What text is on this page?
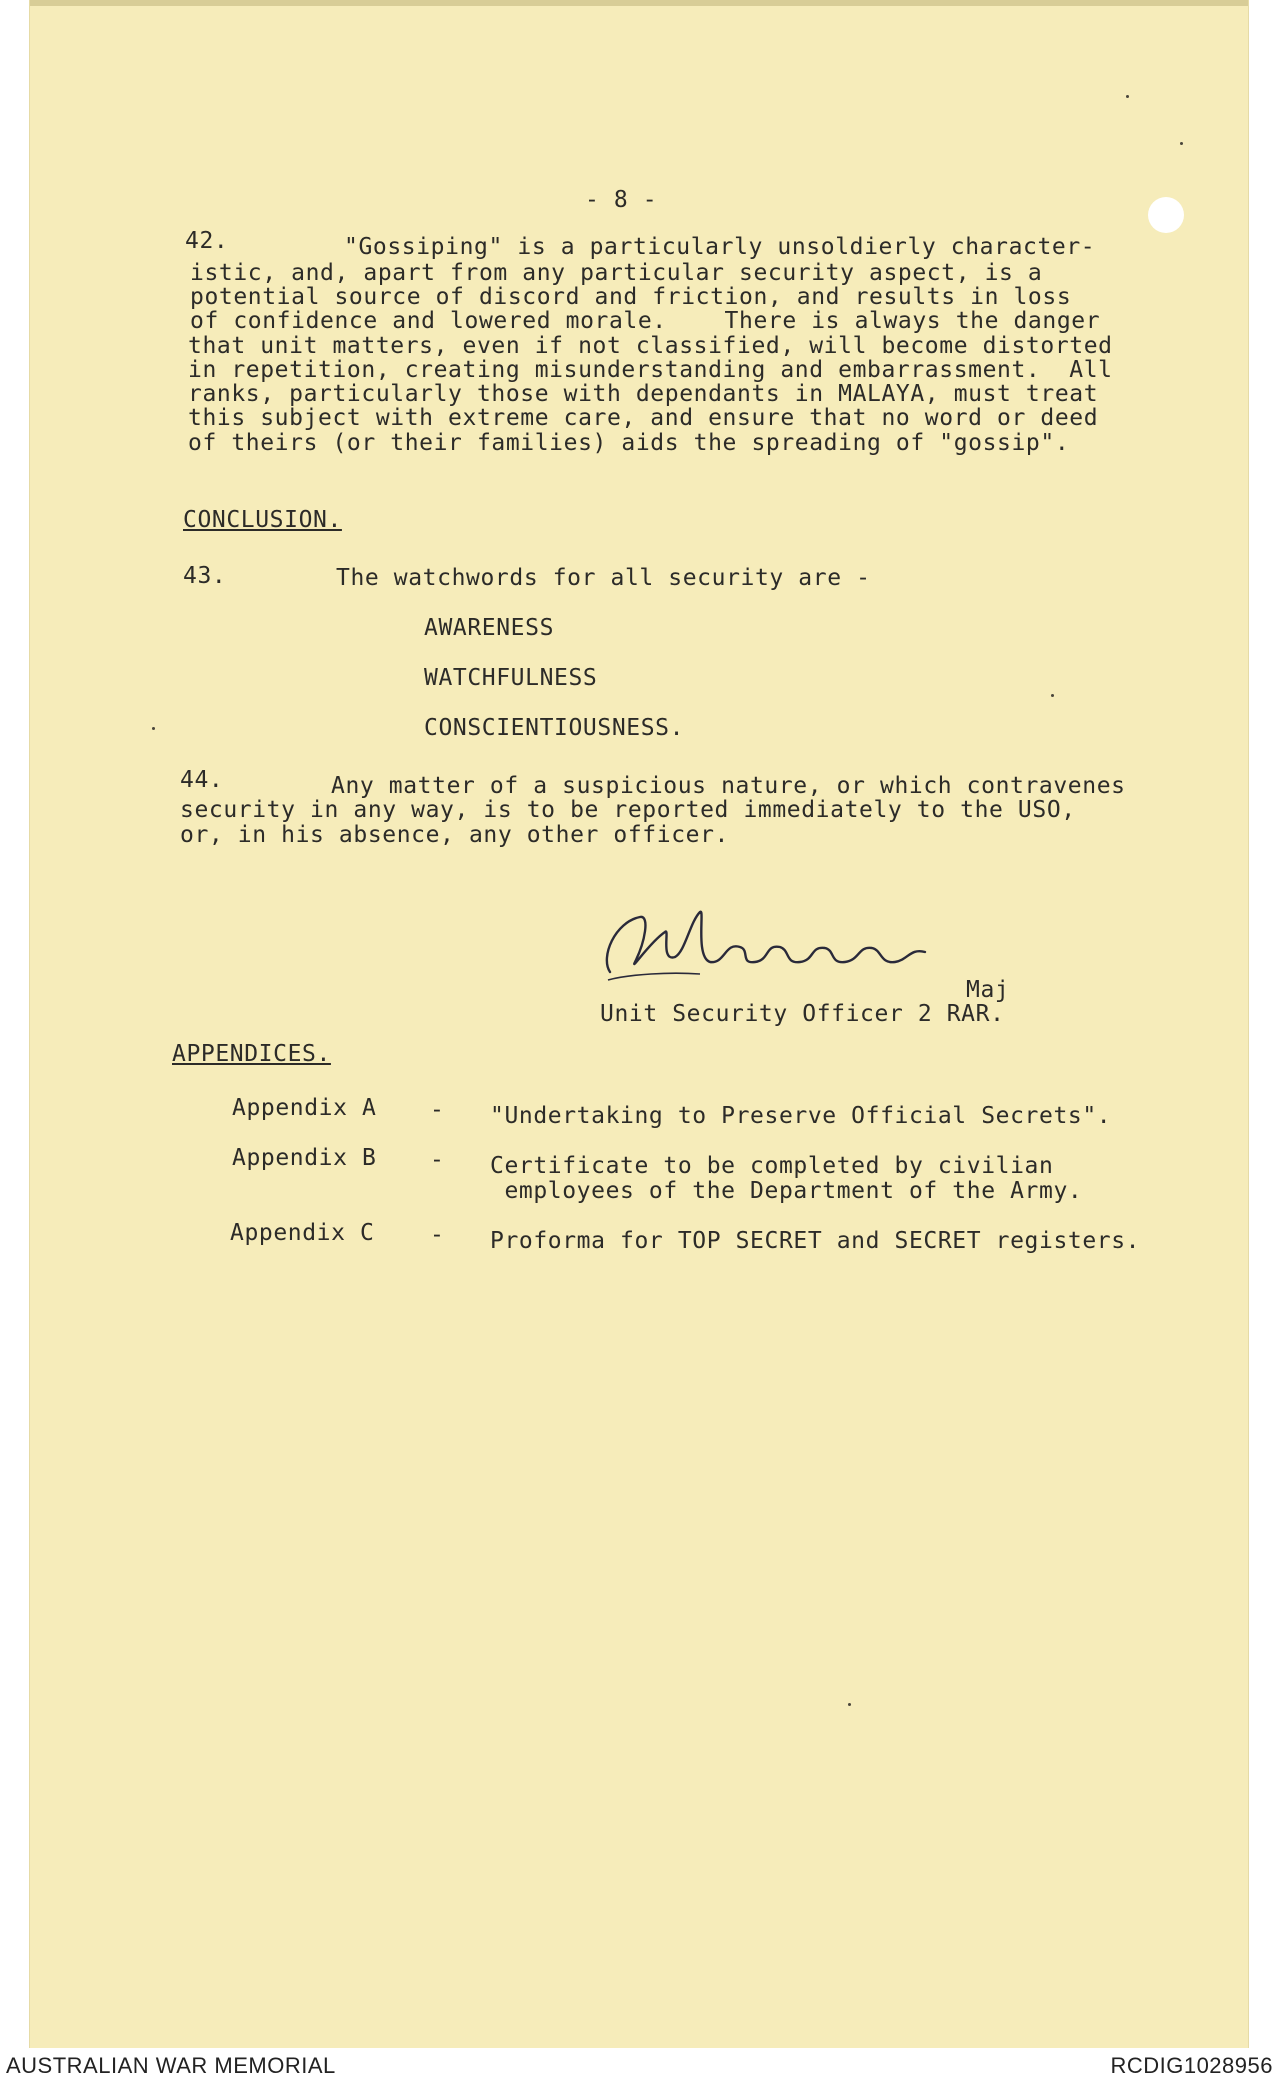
- 8 -
42.	"Gossiping" is a particularly unsoldierly character-
istic, and, apart from any particular security aspect, is a
potential source of discord and friction, and results in loss
of confidence and lowered morale.    There is always the danger
that unit matters, even if not classified, will become distorted
in repetition, creating misunderstanding and embarrassment.  All
ranks, particularly those with dependants in MALAYA, must treat
this subject with extreme care, and ensure that no word or deed
of theirs (or their families) aids the spreading of "gossip".
CONCLUSION.
43.	The watchwords for all security are -
AWARENESS
WATCHFULNESS
CONSCIENTIOUSNESS.
44.	Any matter of a suspicious nature, or which contravenes
security in any way, is to be reported immediately to the USO,
or, in his absence, any other officer.
Maj
Unit Security Officer 2 RAR.
APPENDICES.
Appendix A - "Undertaking to Preserve Official Secrets".
Appendix B - Certificate to be completed by civilian
employees of the Department of the Army.
Appendix C - Proforma for TOP SECRET and SECRET registers.
AUSTRALIAN WAR MEMORIAL	RCDIG1028956
